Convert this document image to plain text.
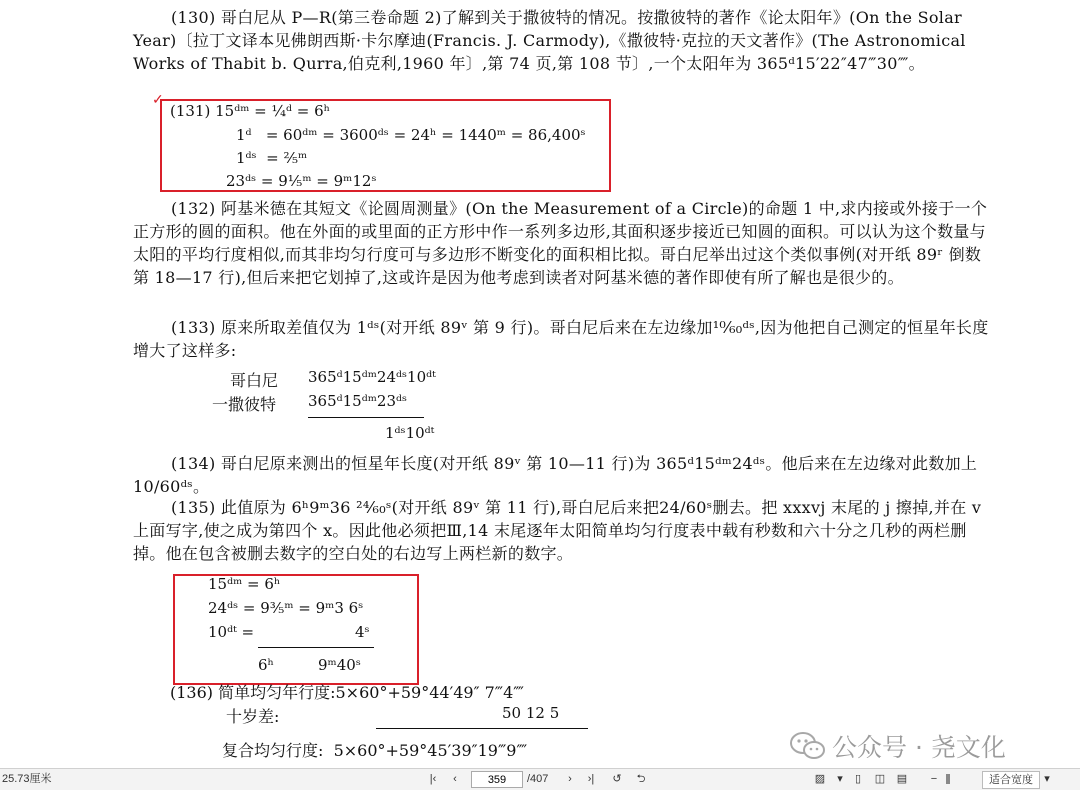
(130) 哥白尼从 P—R(第三卷命题 2)了解到关于撒彼特的情况。按撒彼特的著作《论太阳年》(On the Solar Year)〔拉丁文译本见佛朗西斯·卡尔摩迪(Francis. J. Carmody),《撒彼特·克拉的天文著作》(The Astronomical Works of Thabit b. Qurra,伯克利,1960 年〕,第 74 页,第 108 节〕,一个太阳年为 365ᵈ15′22″47‴30⁗。
✓
(131) 15ᵈᵐ = ¼ᵈ = 6ʰ
1ᵈ   = 60ᵈᵐ = 3600ᵈˢ = 24ʰ = 1440ᵐ = 86,400ˢ
1ᵈˢ  = ⅖ᵐ
23ᵈˢ = 9⅕ᵐ = 9ᵐ12ˢ
(132) 阿基米德在其短文《论圆周测量》(On the Measurement of a Circle)的命题 1 中,求内接或外接于一个正方形的圆的面积。他在外面的或里面的正方形中作一系列多边形,其面积逐步接近已知圆的面积。可以认为这个数量与太阳的平均行度相似,而其非均匀行度可与多边形不断变化的面积相比拟。哥白尼举出过这个类似事例(对开纸 89ʳ 倒数第 18—17 行),但后来把它划掉了,这或许是因为他考虑到读者对阿基米德的著作即使有所了解也是很少的。
(133) 原来所取差值仅为 1ᵈˢ(对开纸 89ᵛ 第 9 行)。哥白尼后来在左边缘加¹⁰⁄₆₀ᵈˢ,因为他把自己测定的恒星年长度增大了这样多:
哥白尼 365ᵈ15ᵈᵐ24ᵈˢ10ᵈᵗ
一撒彼特 365ᵈ15ᵈᵐ23ᵈˢ
1ᵈˢ10ᵈᵗ
(134) 哥白尼原来测出的恒星年长度(对开纸 89ᵛ 第 10—11 行)为 365ᵈ15ᵈᵐ24ᵈˢ。他后来在左边缘对此数加上 10/60ᵈˢ。
(135) 此值原为 6ʰ9ᵐ36 ²⁴⁄₆₀ˢ(对开纸 89ᵛ 第 11 行),哥白尼后来把24/60ˢ删去。把 xxxvj 末尾的 j 擦掉,并在 v 上面写字,使之成为第四个 x。因此他必须把Ⅲ,14 末尾逐年太阳简单均匀行度表中载有秒数和六十分之几秒的两栏删掉。他在包含被删去数字的空白处的右边写上两栏新的数字。
15ᵈᵐ = 6ʰ
24ᵈˢ = 9⅗ᵐ = 9ᵐ3 6ˢ
10ᵈᵗ =	4ˢ
6ʰ	9ᵐ40ˢ
(136) 简单均匀年行度:5×60°+59°44′49″ 7‴4⁗
十岁差:	50 12 5
复合均匀行度:  5×60°+59°45′39″19‴9⁗	公众号 · 尧文化
25.73厘米	|‹	‹
359	/407	›	›|	↺	⮌	▨ ▾	▯	◫ ▤	−	适合宽度	▾
